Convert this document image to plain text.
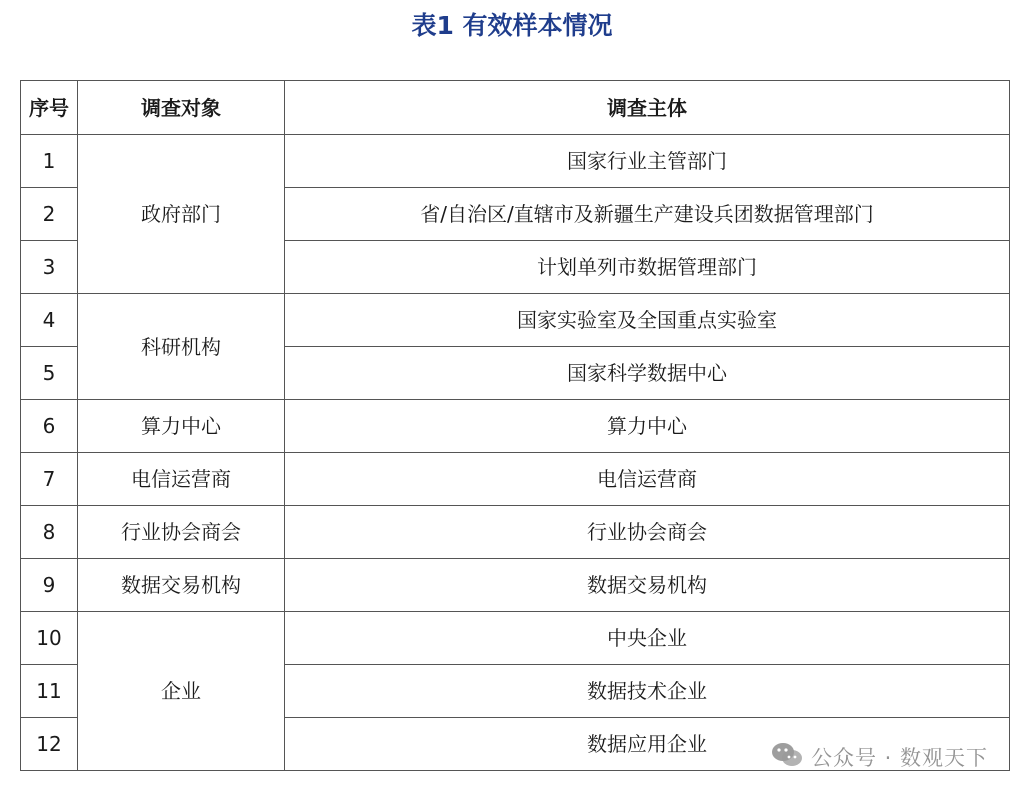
表1 有效样本情况
序号	调查对象	调查主体
1	政府部门	国家行业主管部门
2		省/自治区/直辖市及新疆生产建设兵团数据管理部门
3		计划单列市数据管理部门
4	科研机构	国家实验室及全国重点实验室
5		国家科学数据中心
6	算力中心	算力中心
7	电信运营商	电信运营商
8	行业协会商会	行业协会商会
9	数据交易机构	数据交易机构
10	企业	中央企业
11		数据技术企业
12		数据应用企业
公众号 · 数观天下
